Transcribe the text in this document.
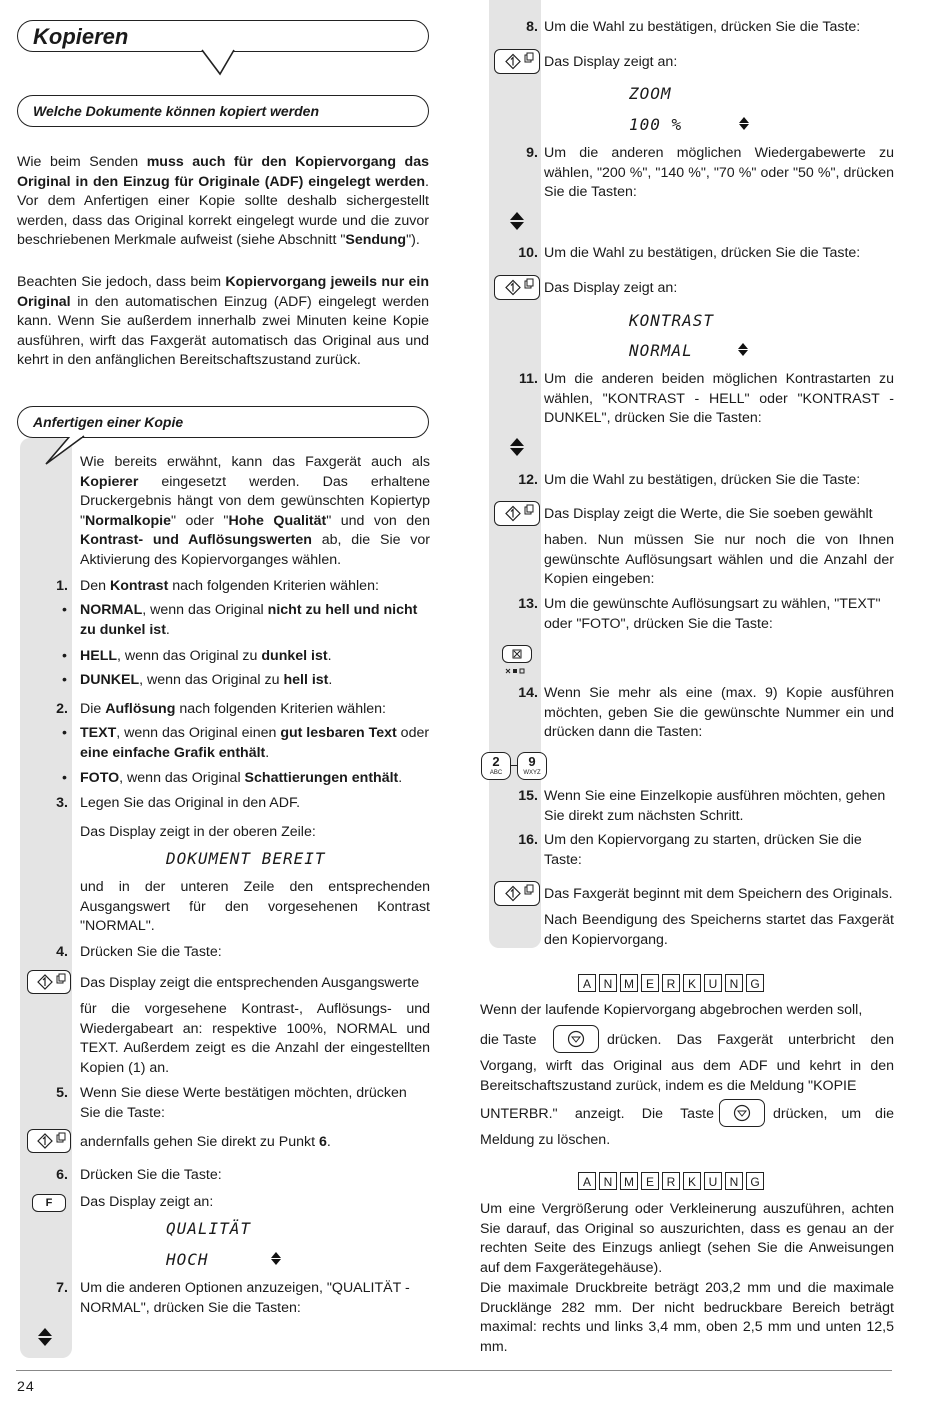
Kopieren
Welche Dokumente können kopiert werden
Wie beim Senden muss auch für den Kopiervorgang das Original in den Einzug für Originale (ADF) eingelegt werden. Vor dem Anfertigen einer Kopie sollte deshalb sichergestellt werden, dass das Original korrekt eingelegt wurde und die zuvor beschriebenen Merkmale aufweist (siehe Abschnitt "Sendung").
Beachten Sie jedoch, dass beim Kopiervorgang jeweils nur ein Original in den automatischen Einzug (ADF) eingelegt werden kann. Wenn Sie außerdem innerhalb zwei Minuten keine Kopie ausführen, wirft das Faxgerät automatisch das Original aus und kehrt in den anfänglichen Bereitschaftszustand zurück.
Anfertigen einer Kopie
Wie bereits erwähnt, kann das Faxgerät auch als Kopierer eingesetzt werden. Das erhaltene Druckergebnis hängt von dem gewünschten Kopiertyp "Normalkopie" oder "Hohe Qualität" und von den Kontrast- und Auflösungswerten ab, die Sie vor Aktivierung des Kopiervorganges wählen.
1. Den Kontrast nach folgenden Kriterien wählen:
• NORMAL, wenn das Original nicht zu hell und nicht zu dunkel ist.
• HELL, wenn das Original zu dunkel ist.
• DUNKEL, wenn das Original zu hell ist.
2. Die Auflösung nach folgenden Kriterien wählen:
• TEXT, wenn das Original einen gut lesbaren Text oder eine einfache Grafik enthält.
• FOTO, wenn das Original Schattierungen enthält.
3. Legen Sie das Original in den ADF.
Das Display zeigt in der oberen Zeile:
DOKUMENT BEREIT
und in der unteren Zeile den entsprechenden Ausgangswert für den vorgesehenen Kontrast "NORMAL".
4. Drücken Sie die Taste:
Das Display zeigt die entsprechenden Ausgangswerte
für die vorgesehene Kontrast-, Auflösungs- und Wiedergabeart an: respektive 100%, NORMAL und TEXT. Außerdem zeigt es die Anzahl der eingestellten Kopien (1) an.
5. Wenn Sie diese Werte bestätigen möchten, drücken Sie die Taste:
andernfalls gehen Sie direkt zu Punkt 6.
6. Drücken Sie die Taste:
F	Das Display zeigt an:
QUALITÄT
HOCH
7. Um die anderen Optionen anzuzeigen, "QUALITÄT - NORMAL", drücken Sie die Tasten:
8. Um die Wahl zu bestätigen, drücken Sie die Taste:
Das Display zeigt an:
ZOOM
100 %
9. Um die anderen möglichen Wiedergabewerte zu wählen, "200 %", "140 %", "70 %" oder "50 %", drücken Sie die Tasten:
10. Um die Wahl zu bestätigen, drücken Sie die Taste:
Das Display zeigt an:
KONTRAST
NORMAL
11. Um die anderen beiden möglichen Kontrastarten zu wählen, "KONTRAST - HELL" oder "KONTRAST - DUNKEL", drücken Sie die Tasten:
12. Um die Wahl zu bestätigen, drücken Sie die Taste:
Das Display zeigt die Werte, die Sie soeben gewählt
haben. Nun müssen Sie nur noch die von Ihnen gewünschte Auflösungsart wählen und die Anzahl der Kopien eingeben:
13. Um die gewünschte Auflösungsart zu wählen, "TEXT" oder "FOTO", drücken Sie die Taste:
14. Wenn Sie mehr als eine (max. 9) Kopie ausführen möchten, geben Sie die gewünschte Nummer ein und drücken dann die Tasten:
2
ABC
9
WXYZ
15. Wenn Sie eine Einzelkopie ausführen möchten, gehen Sie direkt zum nächsten Schritt.
16. Um den Kopiervorgang zu starten, drücken Sie die Taste:
Das Faxgerät beginnt mit dem Speichern des Originals.
Nach Beendigung des Speicherns startet das Faxgerät den Kopiervorgang.
A	N M E	R	K	U	N	G
Wenn der laufende Kopiervorgang abgebrochen werden soll,
die Taste	drücken. Das Faxgerät unterbricht den
Vorgang, wirft das Original aus dem ADF und kehrt in den Bereitschaftszustand zurück, indem es die Meldung "KOPIE
UNTERBR." anzeigt. Die Taste	drücken, um die
Meldung zu löschen.
A	N M E	R	K	U	N	G
Um eine Vergrößerung oder Verkleinerung auszuführen, achten Sie darauf, das Original so auszurichten, dass es genau an der rechten Seite des Einzugs anliegt (sehen Sie die Anweisungen auf dem Faxgerätegehäuse).
Die maximale Druckbreite beträgt 203,2 mm und die maximale Drucklänge 282 mm. Der nicht bedruckbare Bereich beträgt maximal: rechts und links 3,4 mm, oben 2,5 mm und unten 12,5 mm.
24
